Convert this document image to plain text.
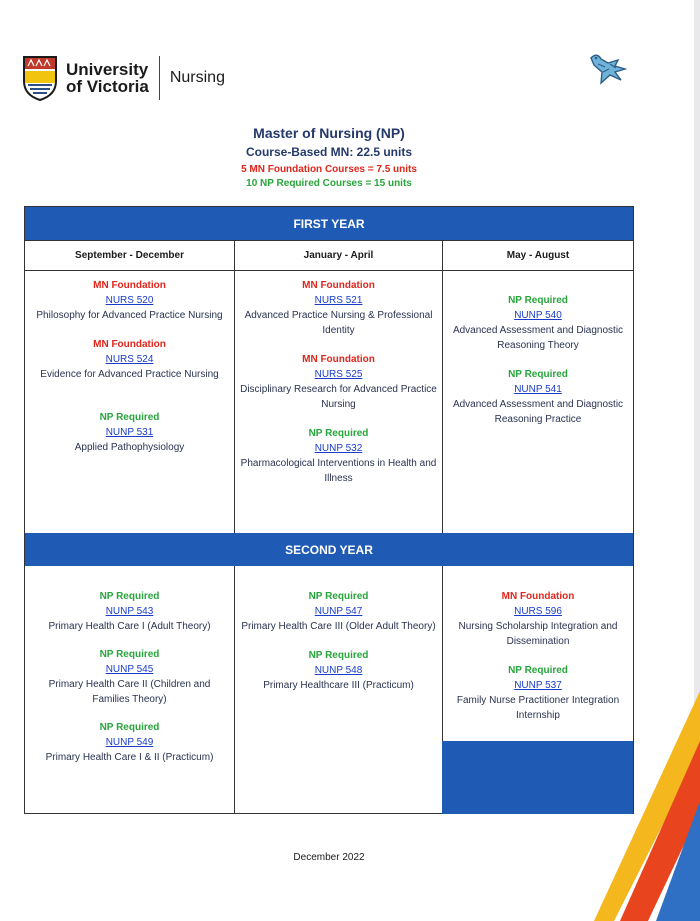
University
of Victoria Nursing
Master of Nursing (NP)
Course-Based MN: 22.5 units
5 MN Foundation Courses = 7.5 units
10 NP Required Courses = 15 units
FIRST YEAR
September - December	January - April	May - August
MN Foundation
NURS 520
Philosophy for Advanced Practice Nursing
MN Foundation
NURS 524
Evidence for Advanced Practice Nursing
NP Required
NUNP 531
Applied Pathophysiology
MN Foundation
NURS 521
Advanced Practice Nursing & Professional Identity
MN Foundation
NURS 525
Disciplinary Research for Advanced Practice Nursing
NP Required
NUNP 532
Pharmacological Interventions in Health and Illness
NP Required
NUNP 540
Advanced Assessment and Diagnostic Reasoning Theory
NP Required
NUNP 541
Advanced Assessment and Diagnostic Reasoning Practice
SECOND YEAR
NP Required
NUNP 543
Primary Health Care I (Adult Theory)
NP Required
NUNP 545
Primary Health Care II (Children and Families Theory)
NP Required
NUNP 549
Primary Health Care I & II (Practicum)
NP Required
NUNP 547
Primary Health Care III (Older Adult Theory)
NP Required
NUNP 548
Primary Healthcare III (Practicum)
MN Foundation
NURS 596
Nursing Scholarship Integration and Dissemination
NP Required
NUNP 537
Family Nurse Practitioner Integration Internship
December 2022
